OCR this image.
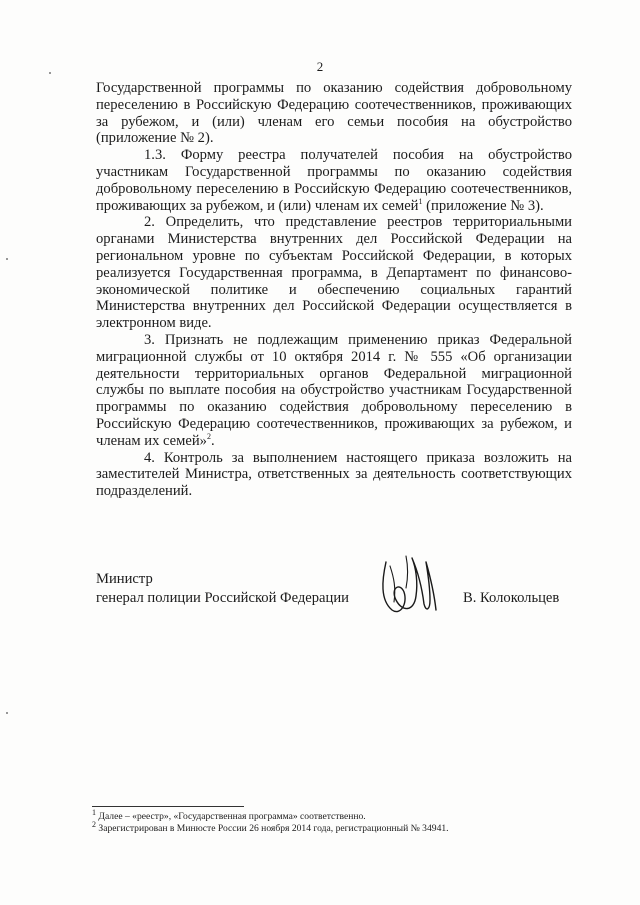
2

Государственной программы по оказанию содействия добровольному переселению в Российскую Федерацию соотечественников, проживающих за рубежом, и (или) членам его семьи пособия на обустройство (приложение № 2).

1.3. Форму реестра получателей пособия на обустройство участникам Государственной программы по оказанию содействия добровольному переселению в Российскую Федерацию соотечественников, проживающих за рубежом, и (или) членам их семей$^1$ (приложение № 3).

2. Определить, что представление реестров территориальными органами Министерства внутренних дел Российской Федерации на региональном уровне по субъектам Российской Федерации, в которых реализуется Государственная программа, в Департамент по финансово-экономической политике и обеспечению социальных гарантий Министерства внутренних дел Российской Федерации осуществляется в электронном виде.

3. Признать не подлежащим применению приказ Федеральной миграционной службы от 10 октября 2014 г. № 555 «Об организации деятельности территориальных органов Федеральной миграционной службы по выплате пособия на обустройство участникам Государственной программы по оказанию содействия добровольному переселению в Российскую Федерацию соотечественников, проживающих за рубежом, и членам их семей»$^2$.

4. Контроль за выполнением настоящего приказа возложить на заместителей Министра, ответственных за деятельность соответствующих подразделений.

Министр
генерал полиции Российской Федерации	В. Колокольцев

$^1$ Далее – «реестр», «Государственная программа» соответственно.

$^2$ Зарегистрирован в Минюсте России 26 ноября 2014 года, регистрационный № 34941.
